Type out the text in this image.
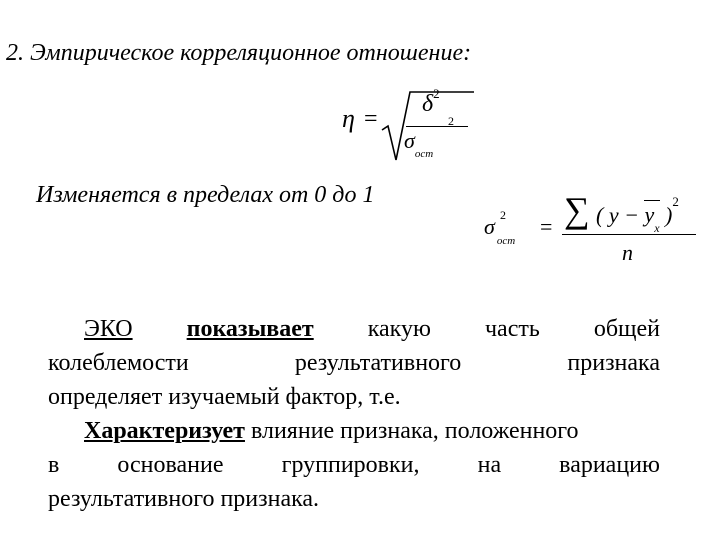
2. Эмпирическое корреляционное отношение:
η =
$\delta^2$
$\sigma_{ост}$
2
Изменяется в пределах от 0 до 1
σ 2
$_{ост}$
= ∑ ( $y - y_x$ )$^2$
n
ЭКО показывает какую часть общей
колеблемости	результативного	признака
определяет изучаемый фактор, т.е.
Характеризует влияние признака, положенного
в основание группировки, на вариацию
результативного признака.
